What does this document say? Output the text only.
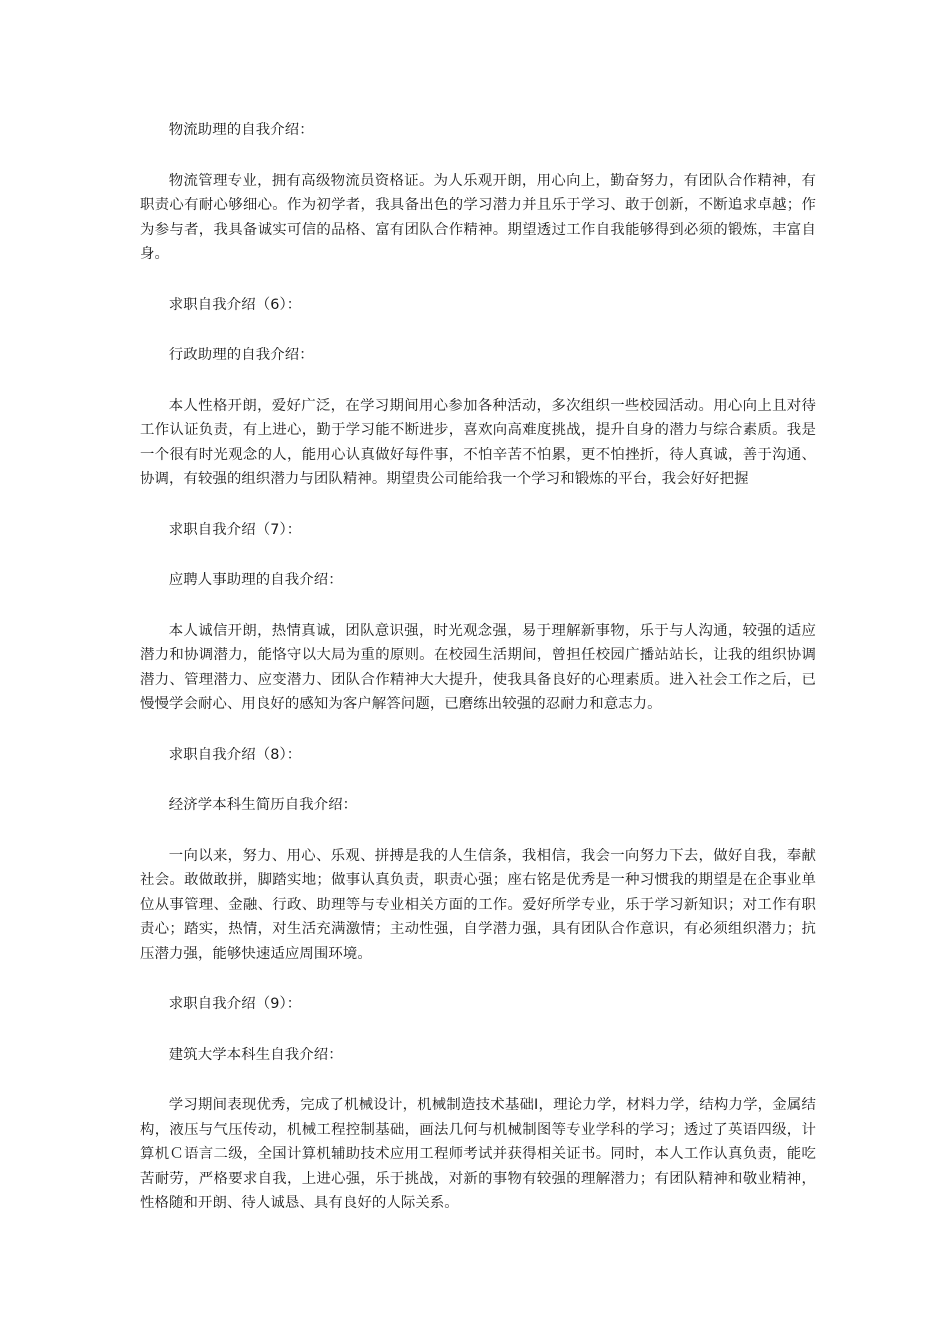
物流助理的自我介绍：

物流管理专业，拥有高级物流员资格证。为人乐观开朗，用心向上，勤奋努力，有团队合作精神，有职责心有耐心够细心。作为初学者，我具备出色的学习潜力并且乐于学习、敢于创新，不断追求卓越；作为参与者，我具备诚实可信的品格、富有团队合作精神。期望透过工作自我能够得到必须的锻炼，丰富自身。

求职自我介绍（6）：

行政助理的自我介绍：

本人性格开朗，爱好广泛，在学习期间用心参加各种活动，多次组织一些校园活动。用心向上且对待工作认证负责，有上进心，勤于学习能不断进步，喜欢向高难度挑战，提升自身的潜力与综合素质。我是一个很有时光观念的人，能用心认真做好每件事，不怕辛苦不怕累，更不怕挫折，待人真诚，善于沟通、协调，有较强的组织潜力与团队精神。期望贵公司能给我一个学习和锻炼的平台，我会好好把握

求职自我介绍（7）：

应聘人事助理的自我介绍：

本人诚信开朗，热情真诚，团队意识强，时光观念强，易于理解新事物，乐于与人沟通，较强的适应潜力和协调潜力，能恪守以大局为重的原则。在校园生活期间，曾担任校园广播站站长，让我的组织协调潜力、管理潜力、应变潜力、团队合作精神大大提升，使我具备良好的心理素质。进入社会工作之后，已慢慢学会耐心、用良好的感知为客户解答问题，已磨练出较强的忍耐力和意志力。

求职自我介绍（8）：

经济学本科生简历自我介绍：

一向以来，努力、用心、乐观、拼搏是我的人生信条，我相信，我会一向努力下去，做好自我，奉献社会。敢做敢拼，脚踏实地；做事认真负责，职责心强；座右铭是优秀是一种习惯我的期望是在企事业单位从事管理、金融、行政、助理等与专业相关方面的工作。爱好所学专业，乐于学习新知识；对工作有职责心；踏实，热情，对生活充满激情；主动性强，自学潜力强，具有团队合作意识，有必须组织潜力；抗压潜力强，能够快速适应周围环境。

求职自我介绍（9）：

建筑大学本科生自我介绍：

学习期间表现优秀，完成了机械设计，机械制造技术基础Ⅰ，理论力学，材料力学，结构力学，金属结构，液压与气压传动，机械工程控制基础，画法几何与机械制图等专业学科的学习；透过了英语四级，计算机Ｃ语言二级，全国计算机辅助技术应用工程师考试并获得相关证书。同时，本人工作认真负责，能吃苦耐劳，严格要求自我，上进心强，乐于挑战，对新的事物有较强的理解潜力；有团队精神和敬业精神，性格随和开朗、待人诚恳、具有良好的人际关系。
